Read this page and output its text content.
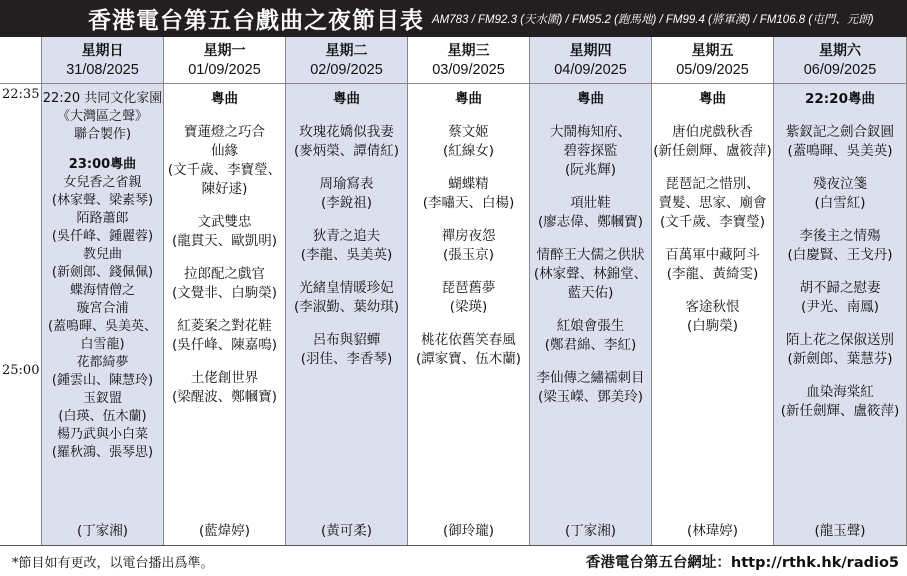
香港電台第五台戲曲之夜節目表 AM783 / FM92.3 (天水圍) / FM95.2 (跑馬地) / FM99.4 (將軍澳) / FM106.8 (屯門、元朗)
22:35
25:00
星期日
31/08/2025
22:20 共同文化家園
《大灣區之聲》
聯合製作)
23:00粵曲
女兒香之省親
(林家聲、梁素琴)
陌路蕭郎
(吳仟峰、鍾麗蓉)
教兒曲
(新劍郎、錢佩佩)
蝶海情僧之
璇宮合浦
(蓋鳴暉、吳美英、
白雪龍)
花都綺夢
(鍾雲山、陳慧玲)
玉釵盟
(白瑛、伍木蘭)
楊乃武與小白菜
(羅秋鴻、張琴思)
(丁家湘)
星期一
01/09/2025
粵曲
寶蓮燈之巧合
仙緣
(文千歲、李寶瑩、
陳好逑)
文武雙忠
(龍貫天、歐凱明)
拉郎配之戲官
(文覺非、白駒榮)
紅菱案之對花鞋
(吳仟峰、陳嘉鳴)
土佬創世界
(梁醒波、鄭幗寶)
(藍煒婷)
星期二
02/09/2025
粵曲
玫瑰花嬌似我妻
(麥炳榮、譚倩紅)
周瑜寫表
(李銳祖)
狄青之追夫
(李龍、吳美英)
光緒皇情暖珍妃
(李淑勤、葉幼琪)
呂布與貂蟬
(羽佳、李香琴)
(黃可柔)
星期三
03/09/2025
粵曲
蔡文姬
(紅線女)
蝴蝶精
(李嘯天、白楊)
禪房夜怨
(張玉京)
琵琶舊夢
(梁瑛)
桃花依舊笑春風
(譚家寶、伍木蘭)
(御玲瓏)
星期四
04/09/2025
粵曲
大鬧梅知府、
碧蓉探監
(阮兆輝)
項壯鞋
(廖志偉、鄭幗寶)
情醉王大儒之供狀
(林家聲、林錦堂、
藍天佑)
紅娘會張生
(鄭君綿、李紅)
李仙傳之繡襦刺目
(梁玉嶸、鄧美玲)
(丁家湘)
星期五
05/09/2025
粵曲
唐伯虎戲秋香
(新任劍輝、盧筱萍)
琵琶記之惜別、
賣髮、思家、廟會
(文千歲、李寶瑩)
百萬軍中藏阿斗
(李龍、黃綺雯)
客途秋恨
(白駒榮)
(林瑋婷)
星期六
06/09/2025
22:20粵曲
紫釵記之劍合釵圓
(蓋鳴暉、吳美英)
殘夜泣箋
(白雪紅)
李後主之情殤
(白慶賢、王戈丹)
胡不歸之慰妻
(尹光、南鳳)
陌上花之保俶送別
(新劍郎、葉慧芬)
血染海棠紅
(新任劍輝、盧筱萍)
(龍玉聲)
*節目如有更改，以電台播出爲準。	香港電台第五台網址：http://rthk.hk/radio5
